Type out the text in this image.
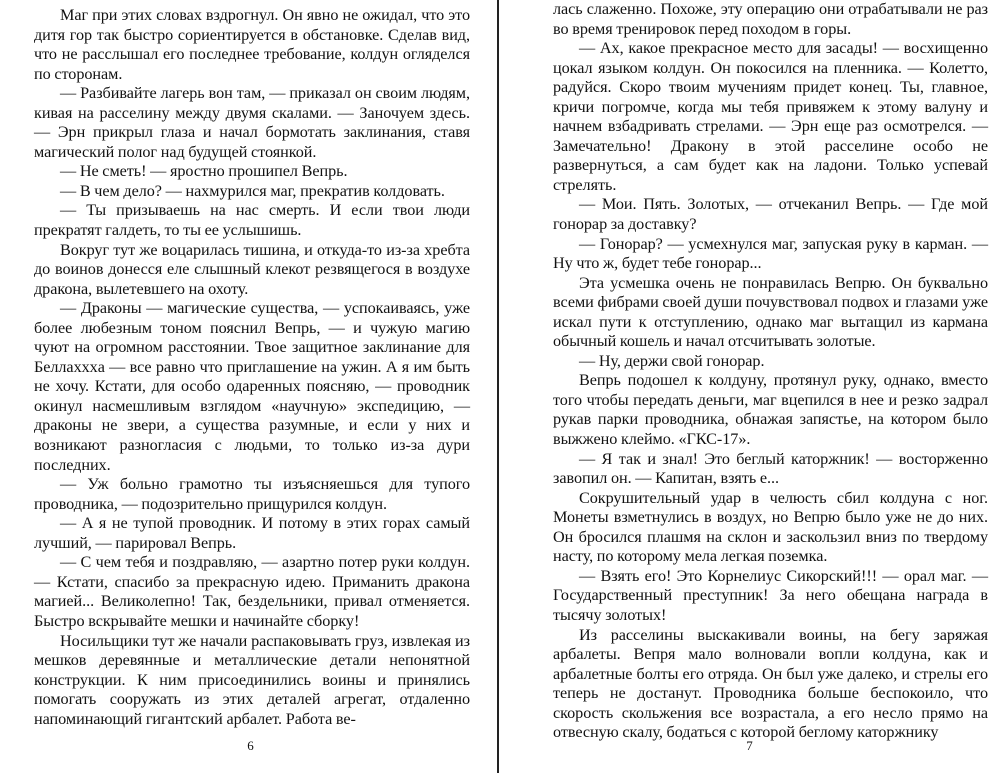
Маг при этих словах вздрогнул. Он явно не ожидал, что это дитя гор так быстро сориентируется в обстановке. Сделав вид, что не расслышал его последнее требование, колдун огляделся по сторонам.

— Разбивайте лагерь вон там, — приказал он своим людям, кивая на расселину между двумя скалами. — Заночуем здесь. — Эрн прикрыл глаза и начал бормотать заклинания, ставя магический полог над будущей стоянкой.

— Не сметь! — яростно прошипел Вепрь.

— В чем дело? — нахмурился маг, прекратив колдовать.

— Ты призываешь на нас смерть. И если твои люди прекратят галдеть, то ты ее услышишь.

Вокруг тут же воцарилась тишина, и откуда-то из-за хребта до воинов донесся еле слышный клекот резвящегося в воздухе дракона, вылетевшего на охоту.

— Драконы — магические существа, — успокаиваясь, уже более любезным тоном пояснил Вепрь, — и чужую магию чуют на огромном расстоянии. Твое защитное заклинание для Беллахххa — все равно что приглашение на ужин. А я им быть не хочу. Кстати, для особо одаренных поясняю, — проводник окинул насмешливым взглядом «научную» экспедицию, — драконы не звери, а существа разумные, и если у них и возникают разногласия с людьми, то только из-за дури последних.

— Уж больно грамотно ты изъясняешься для тупого проводника, — подозрительно прищурился колдун.

— А я не тупой проводник. И потому в этих горах самый лучший, — парировал Вепрь.

— С чем тебя и поздравляю, — азартно потер руки колдун. — Кстати, спасибо за прекрасную идею. Приманить дракона магией... Великолепно! Так, бездельники, привал отменяется. Быстро вскрывайте мешки и начинайте сборку!

Носильщики тут же начали распаковывать груз, извлекая из мешков деревянные и металлические детали непонятной конструкции. К ним присоединились воины и принялись помогать сооружать из этих деталей агрегат, отдаленно напоминающий гигантский арбалет. Работа ве-

6

лась слаженно. Похоже, эту операцию они отрабатывали не раз во время тренировок перед походом в горы.

— Ах, какое прекрасное место для засады! — восхищенно цокал языком колдун. Он покосился на пленника. — Колетто, радуйся. Скоро твоим мучениям придет конец. Ты, главное, кричи погромче, когда мы тебя привяжем к этому валуну и начнем взбадривать стрелами. — Эрн еще раз осмотрелся. — Замечательно! Дракону в этой расселине особо не развернуться, а сам будет как на ладони. Только успевай стрелять.

— Мои. Пять. Золотых, — отчеканил Вепрь. — Где мой гонорар за доставку?

— Гонорар? — усмехнулся маг, запуская руку в карман. — Ну что ж, будет тебе гонорар...

Эта усмешка очень не понравилась Вепрю. Он буквально всеми фибрами своей души почувствовал подвох и глазами уже искал пути к отступлению, однако маг вытащил из кармана обычный кошель и начал отсчитывать золотые.

— Ну, держи свой гонорар.

Вепрь подошел к колдуну, протянул руку, однако, вместо того чтобы передать деньги, маг вцепился в нее и резко задрал рукав парки проводника, обнажая запястье, на котором было выжжено клеймо. «ГКС-17».

— Я так и знал! Это беглый каторжник! — восторженно завопил он. — Капитан, взять е...

Сокрушительный удар в челюсть сбил колдуна с ног. Монеты взметнулись в воздух, но Вепрю было уже не до них. Он бросился плашмя на склон и заскользил вниз по твердому насту, по которому мела легкая поземка.

— Взять его! Это Корнелиус Сикорский!!! — орал маг. — Государственный преступник! За него обещана награда в тысячу золотых!

Из расселины выскакивали воины, на бегу заряжая арбалеты. Вепря мало волновали вопли колдуна, как и арбалетные болты его отряда. Он был уже далеко, и стрелы его теперь не достанут. Проводника больше беспокоило, что скорость скольжения все возрастала, а его несло прямо на отвесную скалу, бодаться с которой беглому каторжнику

7
